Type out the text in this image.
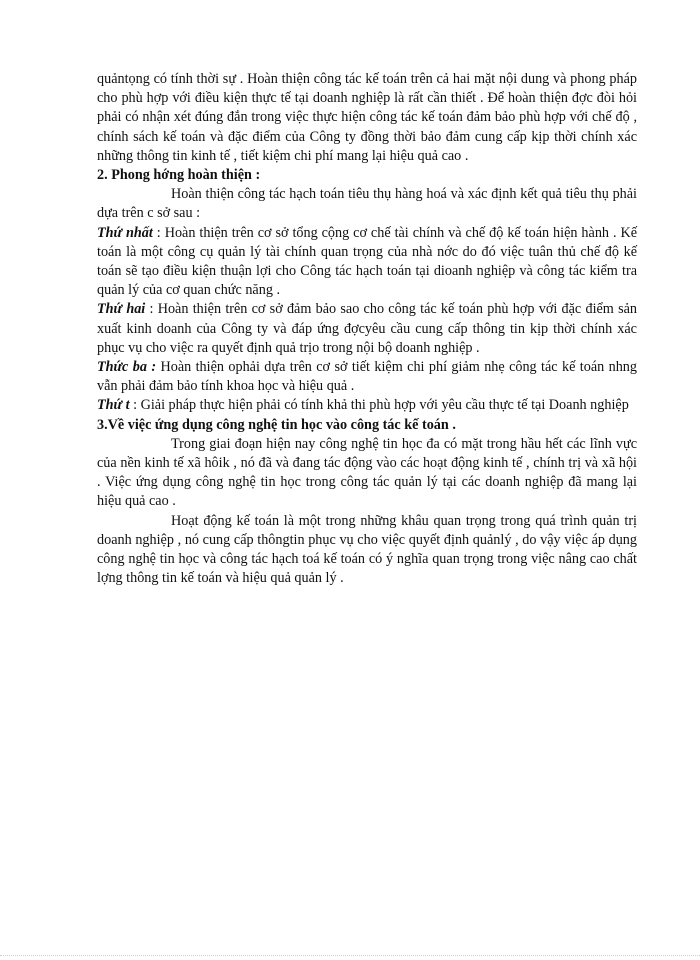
quảntọng có tính thời sự . Hoàn thiện công tác kế toán trên cả hai mặt nội dung và phong pháp cho phù hợp với điều kiện thực tế tại doanh nghiệp là rất cần thiết . Để hoàn thiện đợc đòi hỏi phải có nhận xét đúng đắn trong việc thực hiện công tác kế toán đảm bảo phù hợp với chế độ , chính sách kế toán và đặc điểm của Công ty đồng thời bảo đảm cung cấp kịp thời chính xác những thông tin kinh tế , tiết kiệm chi phí mang lại hiệu quả cao .

2. Phong hớng hoàn thiện :

Hoàn thiện công tác hạch toán tiêu thụ hàng hoá và xác định kết quả tiêu thụ phải dựa trên c sở sau :

Thứ nhất : Hoàn thiện trên cơ sở tổng cộng cơ chế tài chính và chế độ kế toán hiện hành . Kế toán là một công cụ quản lý tài chính quan trọng của nhà nớc do đó việc tuân thủ chế độ kế toán sẽ tạo điều kiện thuận lợi cho Công tác hạch toán tại dioanh nghiệp và công tác kiểm tra quản lý của cơ quan chức năng .

Thứ hai : Hoàn thiện trên cơ sở đảm bảo sao cho công tác kế toán phù hợp với đặc điểm sản xuất kinh doanh của Công ty và đáp ứng đợcyêu cầu cung cấp thông tin kịp thời chính xác phục vụ cho việc ra quyết định quả trịo trong nội bộ doanh nghiệp .

Thức ba : Hoàn thiện ophải dựa trên cơ sở tiết kiệm chi phí giảm nhẹ công tác kế toán nhng vẫn phải đảm bảo tính khoa học và hiệu quả .

Thứ t : Giải pháp thực hiện phải có tính khả thi phù hợp với yêu cầu thực tế tại Doanh nghiệp

3.Về việc ứng dụng công nghệ tin học vào công tác kế toán .

Trong giai đoạn hiện nay công nghệ tin học đa có mặt trong hầu hết các lĩnh vực của nền kinh tế xã hôik , nó đã và đang tác động vào các hoạt động kinh tế , chính trị và xã hội . Việc ứng dụng công nghệ tin học trong công tác quản lý tại các doanh nghiệp đã mang lại hiệu quả cao .

Hoạt động kế toán là một trong những khâu quan trọng trong quá trình quản trị doanh nghiệp , nó cung cấp thôngtin phục vụ cho việc quyết định quảnlý , do vậy việc áp dụng công nghệ tin học và công tác hạch toá kế toán có ý nghĩa quan trọng trong việc nâng cao chất lợng thông tin kế toán và hiệu quả quản lý .
